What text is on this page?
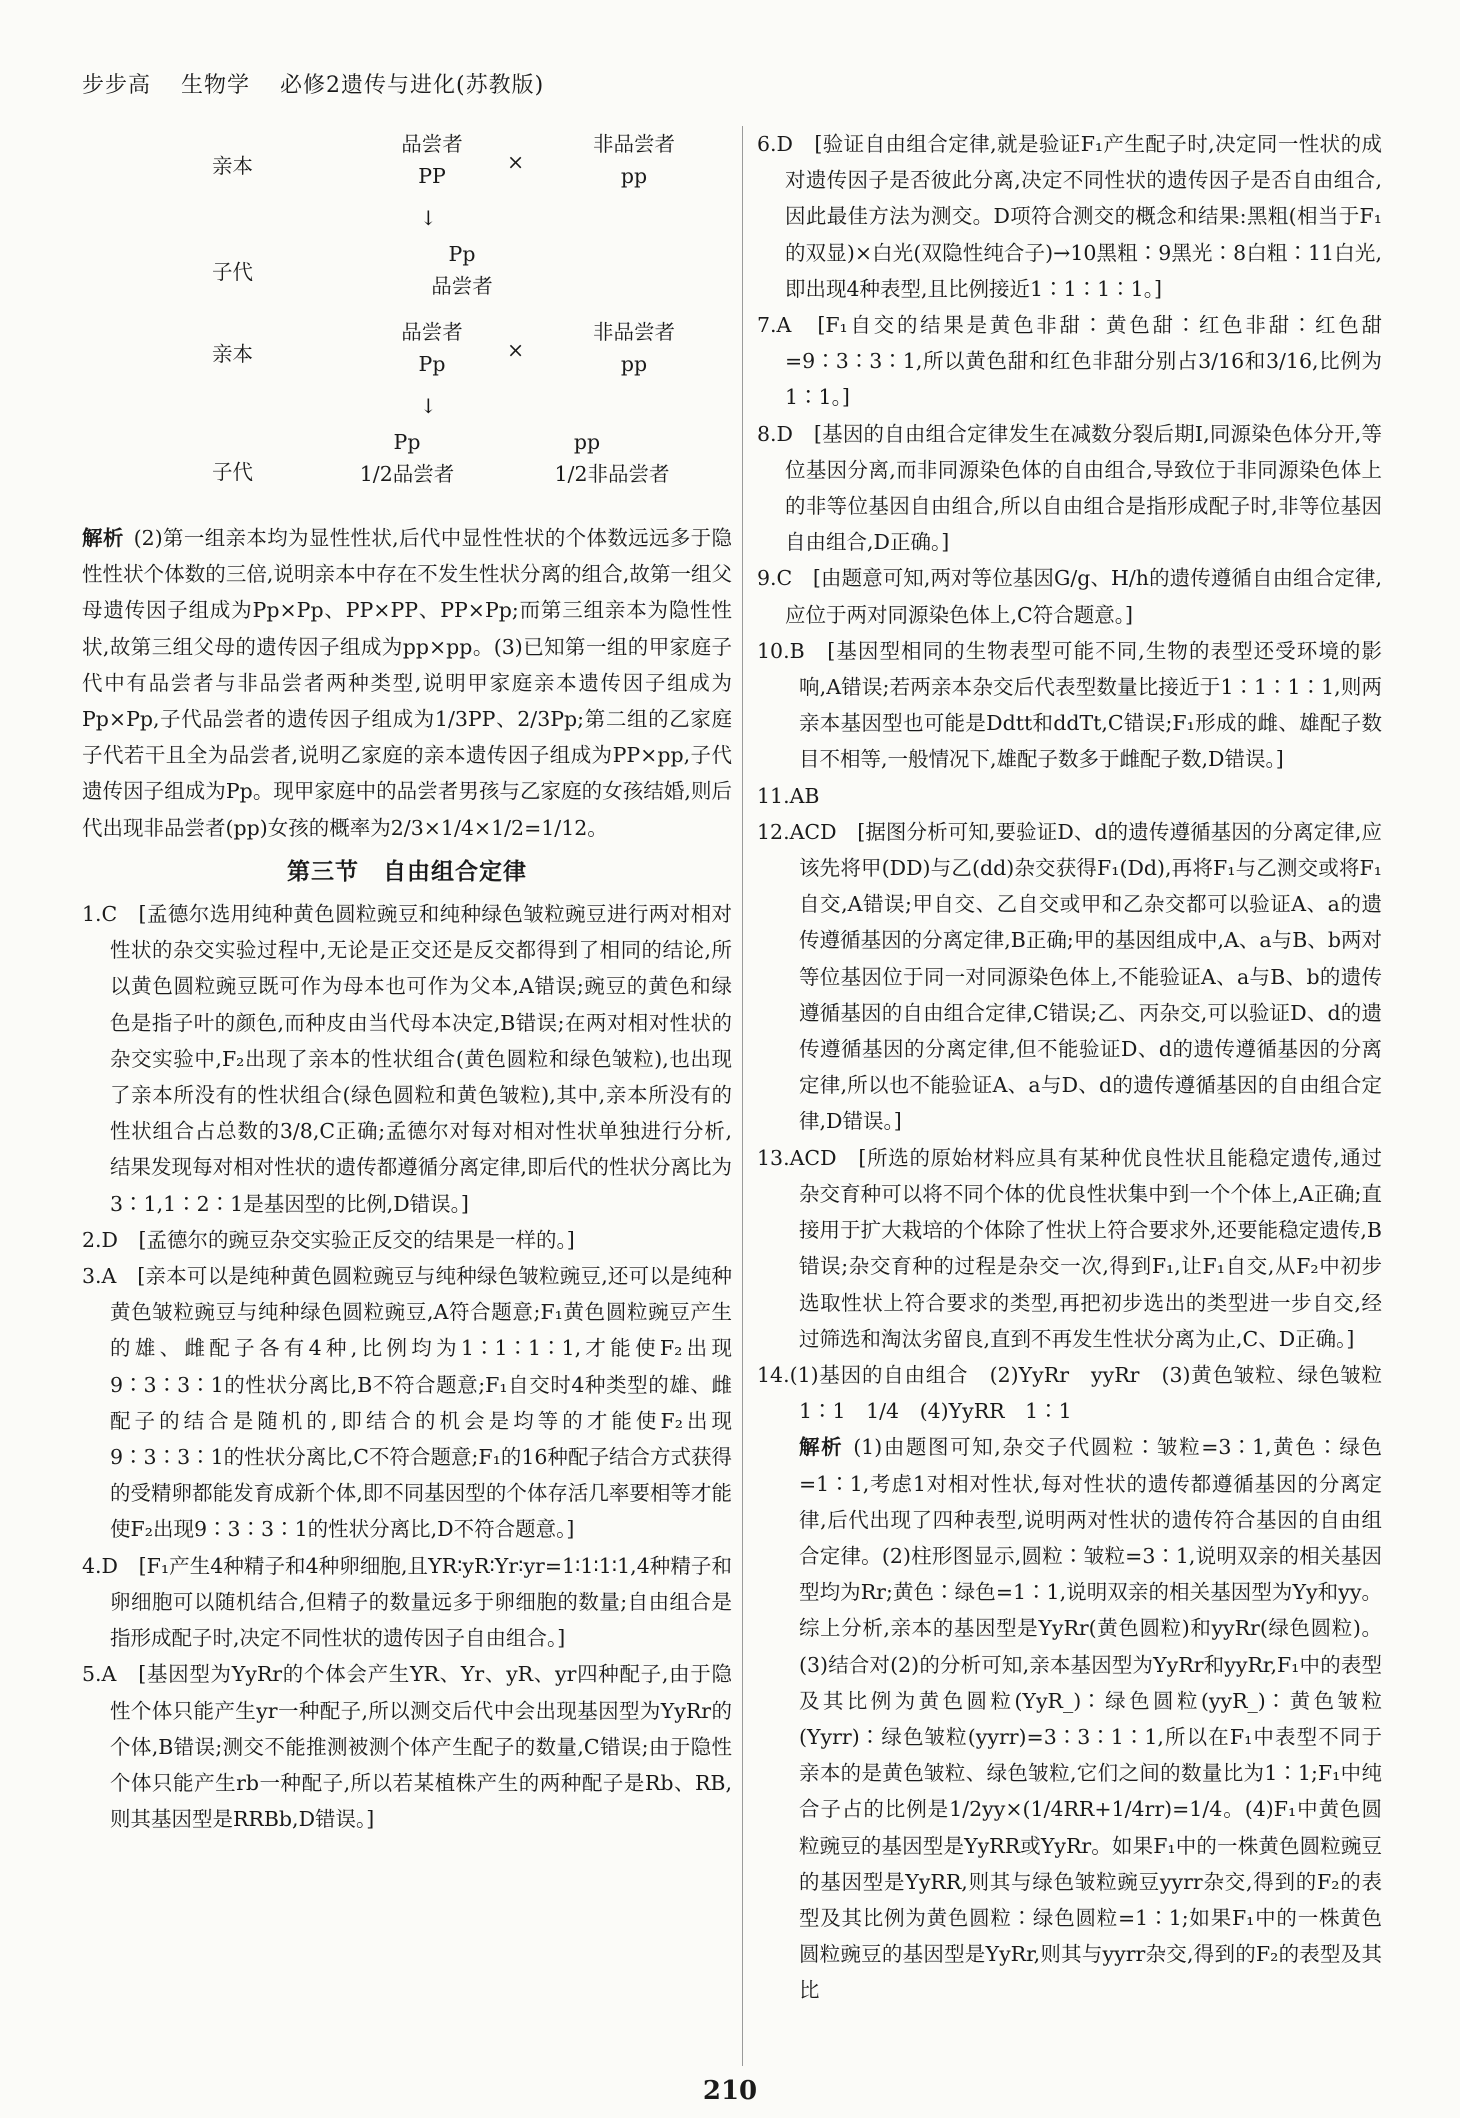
步步高 生物学 必修2遗传与进化(苏教版)
亲本
品尝者
PP
×
非品尝者
pp
↓
子代
Pp
品尝者
亲本
品尝者
Pp
×
非品尝者
pp
↓
子代
Pp
1/2品尝者
pp
1/2非品尝者
解析 (2)第一组亲本均为显性性状,后代中显性性状的个体数远远多于隐性性状个体数的三倍,说明亲本中存在不发生性状分离的组合,故第一组父母遗传因子组成为Pp×Pp、PP×PP、PP×Pp;而第三组亲本为隐性性状,故第三组父母的遗传因子组成为pp×pp。(3)已知第一组的甲家庭子代中有品尝者与非品尝者两种类型,说明甲家庭亲本遗传因子组成为Pp×Pp,子代品尝者的遗传因子组成为1/3PP、2/3Pp;第二组的乙家庭子代若干且全为品尝者,说明乙家庭的亲本遗传因子组成为PP×pp,子代遗传因子组成为Pp。现甲家庭中的品尝者男孩与乙家庭的女孩结婚,则后代出现非品尝者(pp)女孩的概率为2/3×1/4×1/2=1/12。
第三节　自由组合定律
1.C　[孟德尔选用纯种黄色圆粒豌豆和纯种绿色皱粒豌豆进行两对相对性状的杂交实验过程中,无论是正交还是反交都得到了相同的结论,所以黄色圆粒豌豆既可作为母本也可作为父本,A错误;豌豆的黄色和绿色是指子叶的颜色,而种皮由当代母本决定,B错误;在两对相对性状的杂交实验中,F₂出现了亲本的性状组合(黄色圆粒和绿色皱粒),也出现了亲本所没有的性状组合(绿色圆粒和黄色皱粒),其中,亲本所没有的性状组合占总数的3/8,C正确;孟德尔对每对相对性状单独进行分析,结果发现每对相对性状的遗传都遵循分离定律,即后代的性状分离比为3∶1,1∶2∶1是基因型的比例,D错误。]
2.D　[孟德尔的豌豆杂交实验正反交的结果是一样的。]
3.A　[亲本可以是纯种黄色圆粒豌豆与纯种绿色皱粒豌豆,还可以是纯种黄色皱粒豌豆与纯种绿色圆粒豌豆,A符合题意;F₁黄色圆粒豌豆产生的雄、雌配子各有4种,比例均为1∶1∶1∶1,才能使F₂出现9∶3∶3∶1的性状分离比,B不符合题意;F₁自交时4种类型的雄、雌配子的结合是随机的,即结合的机会是均等的才能使F₂出现9∶3∶3∶1的性状分离比,C不符合题意;F₁的16种配子结合方式获得的受精卵都能发育成新个体,即不同基因型的个体存活几率要相等才能使F₂出现9∶3∶3∶1的性状分离比,D不符合题意。]
4.D　[F₁产生4种精子和4种卵细胞,且YR∶yR∶Yr∶yr=1∶1∶1∶1,4种精子和卵细胞可以随机结合,但精子的数量远多于卵细胞的数量;自由组合是指形成配子时,决定不同性状的遗传因子自由组合。]
5.A　[基因型为YyRr的个体会产生YR、Yr、yR、yr四种配子,由于隐性个体只能产生yr一种配子,所以测交后代中会出现基因型为YyRr的个体,B错误;测交不能推测被测个体产生配子的数量,C错误;由于隐性个体只能产生rb一种配子,所以若某植株产生的两种配子是Rb、RB,则其基因型是RRBb,D错误。]
6.D　[验证自由组合定律,就是验证F₁产生配子时,决定同一性状的成对遗传因子是否彼此分离,决定不同性状的遗传因子是否自由组合,因此最佳方法为测交。D项符合测交的概念和结果:黑粗(相当于F₁的双显)×白光(双隐性纯合子)→10黑粗∶9黑光∶8白粗∶11白光,即出现4种表型,且比例接近1∶1∶1∶1。]
7.A　[F₁自交的结果是黄色非甜∶黄色甜∶红色非甜∶红色甜=9∶3∶3∶1,所以黄色甜和红色非甜分别占3/16和3/16,比例为1∶1。]
8.D　[基因的自由组合定律发生在减数分裂后期Ⅰ,同源染色体分开,等位基因分离,而非同源染色体的自由组合,导致位于非同源染色体上的非等位基因自由组合,所以自由组合是指形成配子时,非等位基因自由组合,D正确。]
9.C　[由题意可知,两对等位基因G/g、H/h的遗传遵循自由组合定律,应位于两对同源染色体上,C符合题意。]
10.B　[基因型相同的生物表型可能不同,生物的表型还受环境的影响,A错误;若两亲本杂交后代表型数量比接近于1∶1∶1∶1,则两亲本基因型也可能是Ddtt和ddTt,C错误;F₁形成的雌、雄配子数目不相等,一般情况下,雄配子数多于雌配子数,D错误。]
11.AB
12.ACD　[据图分析可知,要验证D、d的遗传遵循基因的分离定律,应该先将甲(DD)与乙(dd)杂交获得F₁(Dd),再将F₁与乙测交或将F₁自交,A错误;甲自交、乙自交或甲和乙杂交都可以验证A、a的遗传遵循基因的分离定律,B正确;甲的基因组成中,A、a与B、b两对等位基因位于同一对同源染色体上,不能验证A、a与B、b的遗传遵循基因的自由组合定律,C错误;乙、丙杂交,可以验证D、d的遗传遵循基因的分离定律,但不能验证D、d的遗传遵循基因的分离定律,所以也不能验证A、a与D、d的遗传遵循基因的自由组合定律,D错误。]
13.ACD　[所选的原始材料应具有某种优良性状且能稳定遗传,通过杂交育种可以将不同个体的优良性状集中到一个个体上,A正确;直接用于扩大栽培的个体除了性状上符合要求外,还要能稳定遗传,B错误;杂交育种的过程是杂交一次,得到F₁,让F₁自交,从F₂中初步选取性状上符合要求的类型,再把初步选出的类型进一步自交,经过筛选和淘汰劣留良,直到不再发生性状分离为止,C、D正确。]
14.(1)基因的自由组合　(2)YyRr　yyRr　(3)黄色皱粒、绿色皱粒　1∶1　1/4　(4)YyRR　1∶1
解析 (1)由题图可知,杂交子代圆粒∶皱粒=3∶1,黄色∶绿色=1∶1,考虑1对相对性状,每对性状的遗传都遵循基因的分离定律,后代出现了四种表型,说明两对性状的遗传符合基因的自由组合定律。(2)柱形图显示,圆粒∶皱粒=3∶1,说明双亲的相关基因型均为Rr;黄色∶绿色=1∶1,说明双亲的相关基因型为Yy和yy。综上分析,亲本的基因型是YyRr(黄色圆粒)和yyRr(绿色圆粒)。(3)结合对(2)的分析可知,亲本基因型为YyRr和yyRr,F₁中的表型及其比例为黄色圆粒(YyR_)∶绿色圆粒(yyR_)∶黄色皱粒(Yyrr)∶绿色皱粒(yyrr)=3∶3∶1∶1,所以在F₁中表型不同于亲本的是黄色皱粒、绿色皱粒,它们之间的数量比为1∶1;F₁中纯合子占的比例是1/2yy×(1/4RR+1/4rr)=1/4。(4)F₁中黄色圆粒豌豆的基因型是YyRR或YyRr。如果F₁中的一株黄色圆粒豌豆的基因型是YyRR,则其与绿色皱粒豌豆yyrr杂交,得到的F₂的表型及其比例为黄色圆粒∶绿色圆粒=1∶1;如果F₁中的一株黄色圆粒豌豆的基因型是YyRr,则其与yyrr杂交,得到的F₂的表型及其比
210
